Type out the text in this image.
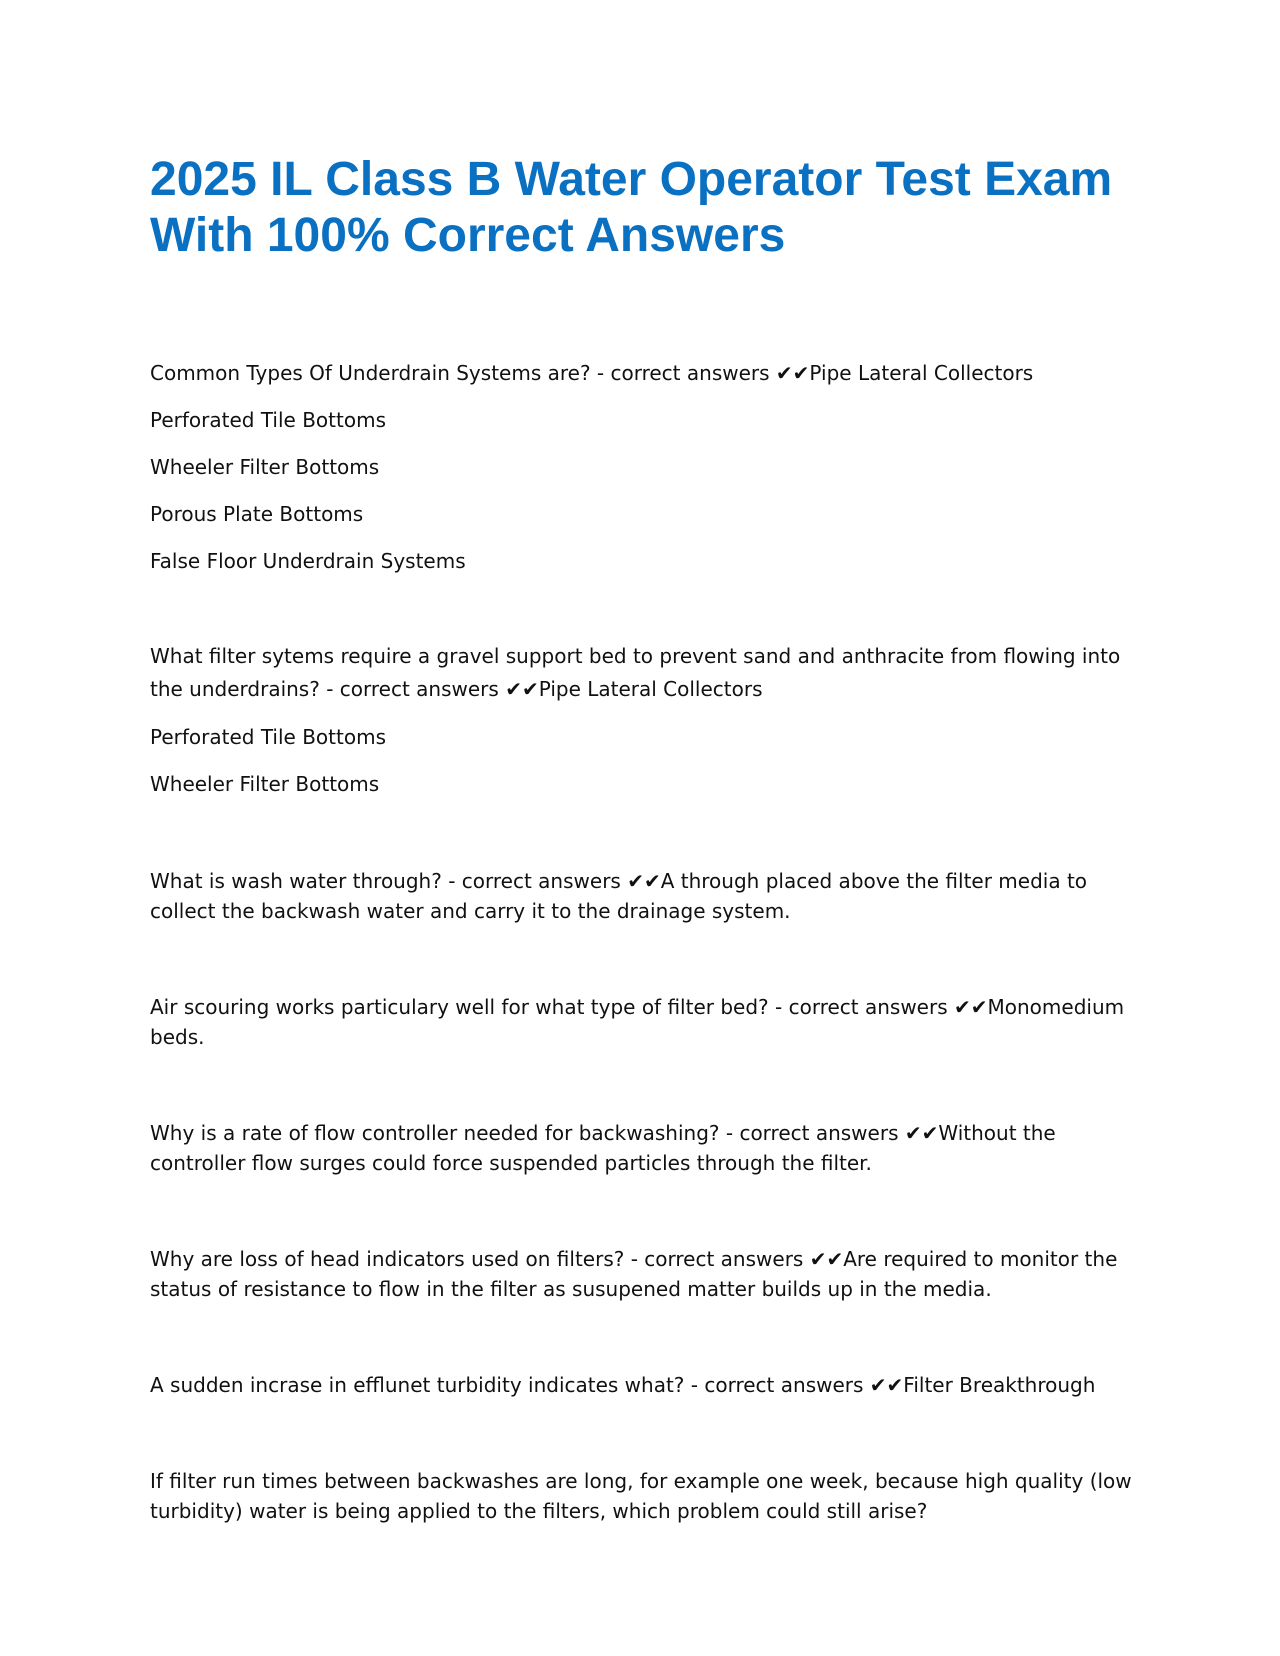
2025 IL Class B Water Operator Test Exam With 100% Correct Answers

Common Types Of Underdrain Systems are? - correct answers ✔✔Pipe Lateral Collectors

Perforated Tile Bottoms

Wheeler Filter Bottoms

Porous Plate Bottoms

False Floor Underdrain Systems

What filter sytems require a gravel support bed to prevent sand and anthracite from flowing into the underdrains? - correct answers ✔✔Pipe Lateral Collectors

Perforated Tile Bottoms

Wheeler Filter Bottoms

What is wash water through? - correct answers ✔✔A through placed above the filter media to collect the backwash water and carry it to the drainage system.

Air scouring works particulary well for what type of filter bed? - correct answers ✔✔Monomedium beds.

Why is a rate of flow controller needed for backwashing? - correct answers ✔✔Without the controller flow surges could force suspended particles through the filter.

Why are loss of head indicators used on filters? - correct answers ✔✔Are required to monitor the status of resistance to flow in the filter as susupened matter builds up in the media.

A sudden incrase in efflunet turbidity indicates what? - correct answers ✔✔Filter Breakthrough

If filter run times between backwashes are long, for example one week, because high quality (low turbidity) water is being applied to the filters, which problem could still arise?
